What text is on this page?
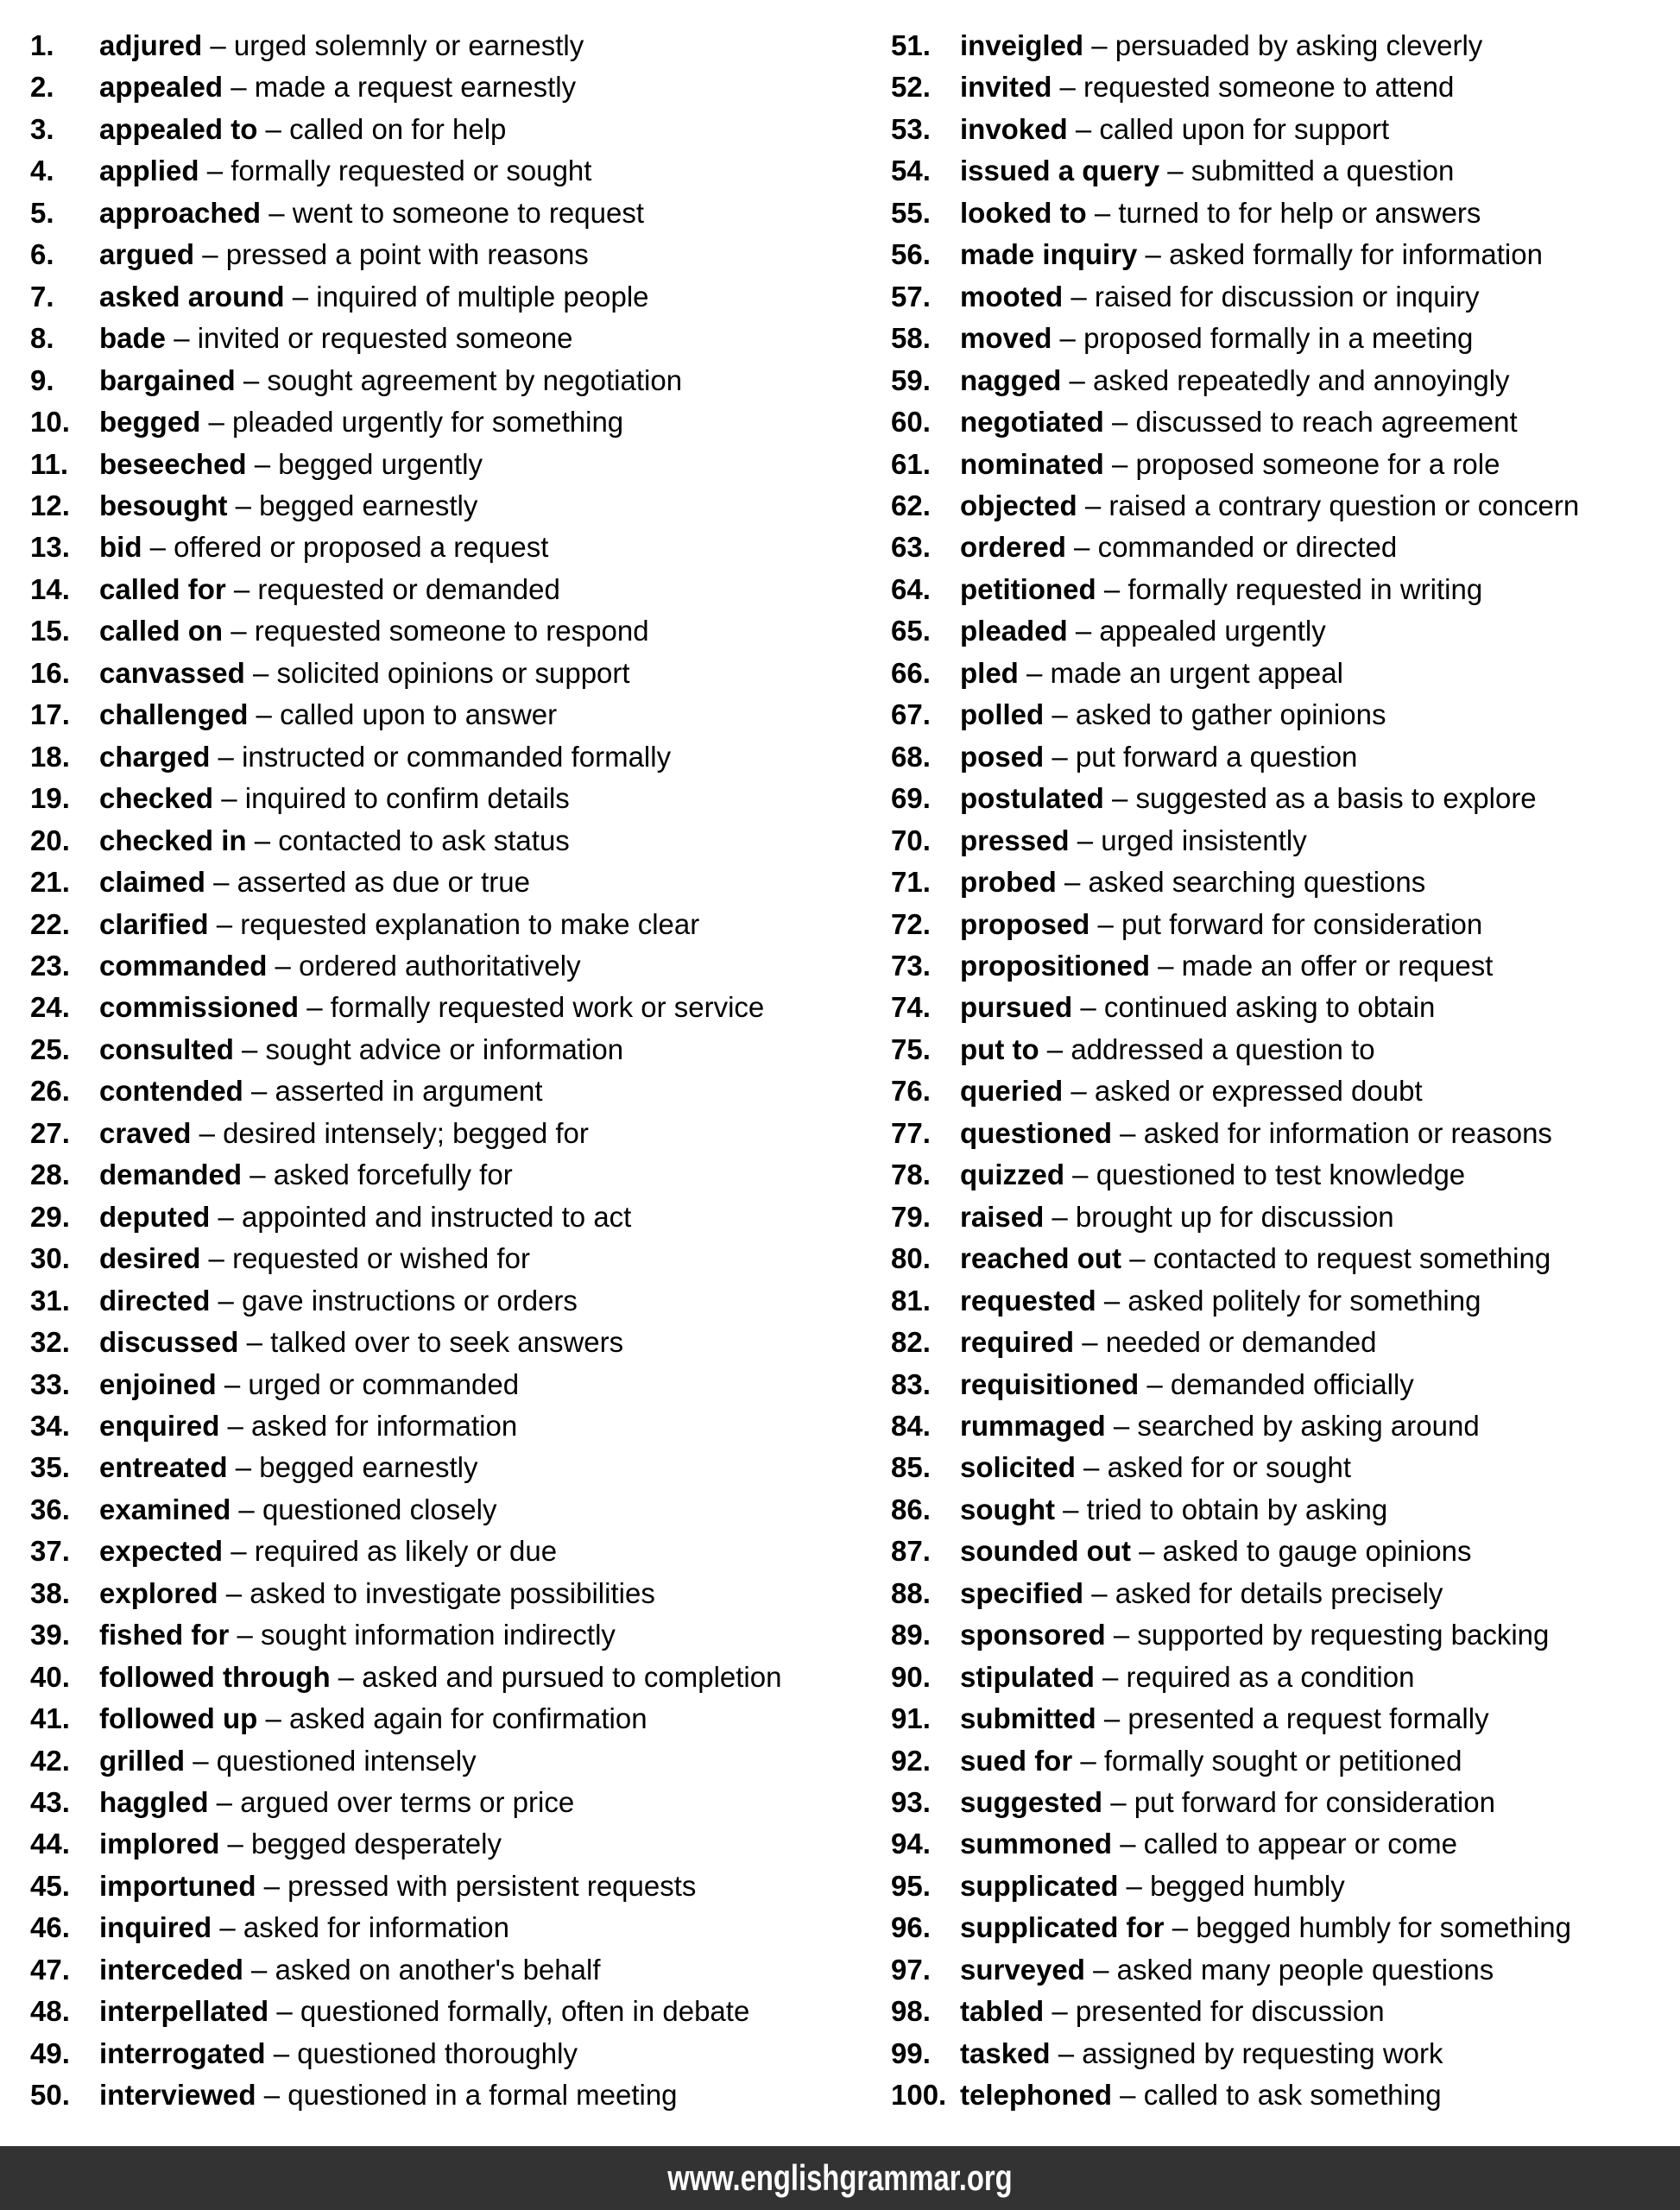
1. adjured – urged solemnly or earnestly
2. appealed – made a request earnestly
3. appealed to – called on for help
4. applied – formally requested or sought
5. approached – went to someone to request
6. argued – pressed a point with reasons
7. asked around – inquired of multiple people
8. bade – invited or requested someone
9. bargained – sought agreement by negotiation
10. begged – pleaded urgently for something
11. beseeched – begged urgently
12. besought – begged earnestly
13. bid – offered or proposed a request
14. called for – requested or demanded
15. called on – requested someone to respond
16. canvassed – solicited opinions or support
17. challenged – called upon to answer
18. charged – instructed or commanded formally
19. checked – inquired to confirm details
20. checked in – contacted to ask status
21. claimed – asserted as due or true
22. clarified – requested explanation to make clear
23. commanded – ordered authoritatively
24. commissioned – formally requested work or service
25. consulted – sought advice or information
26. contended – asserted in argument
27. craved – desired intensely; begged for
28. demanded – asked forcefully for
29. deputed – appointed and instructed to act
30. desired – requested or wished for
31. directed – gave instructions or orders
32. discussed – talked over to seek answers
33. enjoined – urged or commanded
34. enquired – asked for information
35. entreated – begged earnestly
36. examined – questioned closely
37. expected – required as likely or due
38. explored – asked to investigate possibilities
39. fished for – sought information indirectly
40. followed through – asked and pursued to completion
41. followed up – asked again for confirmation
42. grilled – questioned intensely
43. haggled – argued over terms or price
44. implored – begged desperately
45. importuned – pressed with persistent requests
46. inquired – asked for information
47. interceded – asked on another's behalf
48. interpellated – questioned formally, often in debate
49. interrogated – questioned thoroughly
50. interviewed – questioned in a formal meeting
51. inveigled – persuaded by asking cleverly
52. invited – requested someone to attend
53. invoked – called upon for support
54. issued a query – submitted a question
55. looked to – turned to for help or answers
56. made inquiry – asked formally for information
57. mooted – raised for discussion or inquiry
58. moved – proposed formally in a meeting
59. nagged – asked repeatedly and annoyingly
60. negotiated – discussed to reach agreement
61. nominated – proposed someone for a role
62. objected – raised a contrary question or concern
63. ordered – commanded or directed
64. petitioned – formally requested in writing
65. pleaded – appealed urgently
66. pled – made an urgent appeal
67. polled – asked to gather opinions
68. posed – put forward a question
69. postulated – suggested as a basis to explore
70. pressed – urged insistently
71. probed – asked searching questions
72. proposed – put forward for consideration
73. propositioned – made an offer or request
74. pursued – continued asking to obtain
75. put to – addressed a question to
76. queried – asked or expressed doubt
77. questioned – asked for information or reasons
78. quizzed – questioned to test knowledge
79. raised – brought up for discussion
80. reached out – contacted to request something
81. requested – asked politely for something
82. required – needed or demanded
83. requisitioned – demanded officially
84. rummaged – searched by asking around
85. solicited – asked for or sought
86. sought – tried to obtain by asking
87. sounded out – asked to gauge opinions
88. specified – asked for details precisely
89. sponsored – supported by requesting backing
90. stipulated – required as a condition
91. submitted – presented a request formally
92. sued for – formally sought or petitioned
93. suggested – put forward for consideration
94. summoned – called to appear or come
95. supplicated – begged humbly
96. supplicated for – begged humbly for something
97. surveyed – asked many people questions
98. tabled – presented for discussion
99. tasked – assigned by requesting work
100. telephoned – called to ask something
www.englishgrammar.org
